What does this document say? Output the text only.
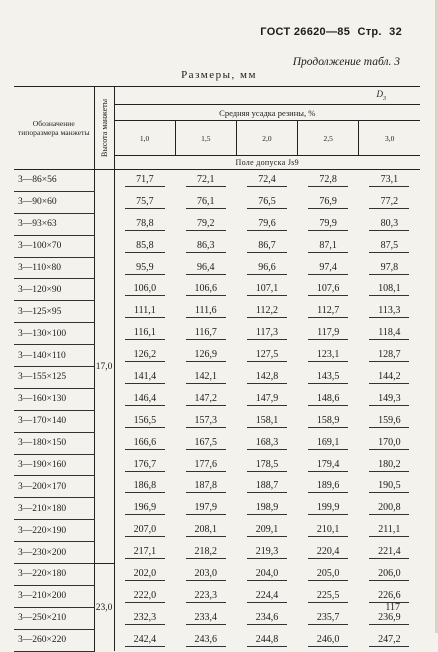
ГОСТ 26620—85 Стр. 32
Продолжение табл. 3
Размеры, мм
Обозначение типоразмера манжеты	Высота манжеты	$D_3$
		Средняя усадка резины, %				
		1,0	1,5	2,0	2,5	3,0
		Поле допуска Js9				
3—86×56	17,0	71,7	72,1	72,4	72,8	73,1
3—90×60		75,7	76,1	76,5	76,9	77,2
3—93×63		78,8	79,2	79,6	79,9	80,3
3—100×70		85,8	86,3	86,7	87,1	87,5
3—110×80		95,9	96,4	96,6	97,4	97,8
3—120×90		106,0	106,6	107,1	107,6	108,1
3—125×95		111,1	111,6	112,2	112,7	113,3
3—130×100		116,1	116,7	117,3	117,9	118,4
3—140×110		126,2	126,9	127,5	123,1	128,7
3—155×125		141,4	142,1	142,8	143,5	144,2
3—160×130		146,4	147,2	147,9	148,6	149,3
3—170×140		156,5	157,3	158,1	158,9	159,6
3—180×150		166,6	167,5	168,3	169,1	170,0
3—190×160		176,7	177,6	178,5	179,4	180,2
3—200×170		186,8	187,8	188,7	189,6	190,5
3—210×180		196,9	197,9	198,9	199,9	200,8
3—220×190		207,0	208,1	209,1	210,1	211,1
3—230×200		217,1	218,2	219,3	220,4	221,4
3—220×180	23,0	202,0	203,0	204,0	205,0	206,0
3—210×200		222,0	223,3	224,4	225,5	226,6
3—250×210		232,3	233,4	234,6	235,7	236,9
3—260×220		242,4	243,6	244,8	246,0	247,2
117
